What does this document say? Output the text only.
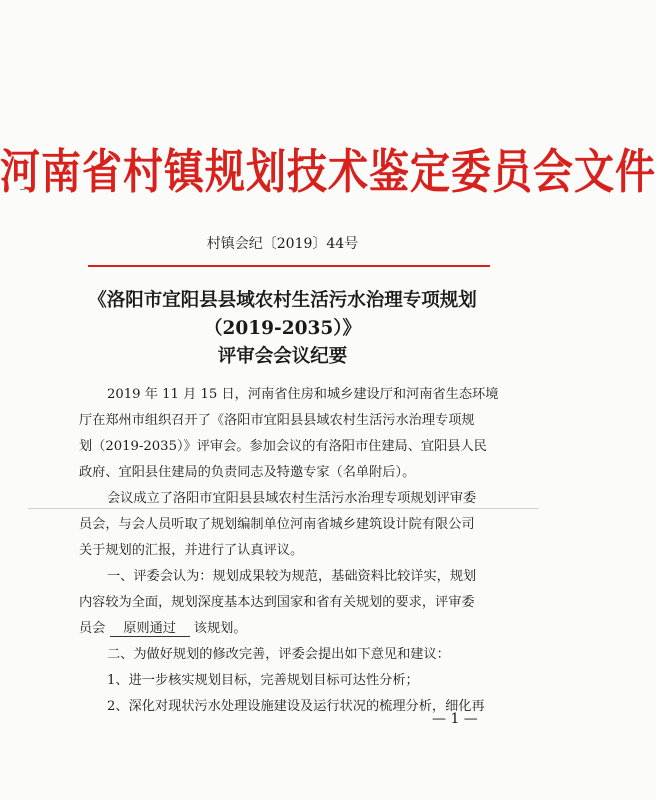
河南省村镇规划技术鉴定委员会文件
村镇会纪〔2019〕44号
《洛阳市宜阳县县域农村生活污水治理专项规划
（2019-2035）》
评审会会议纪要
2019 年 11 月 15 日，河南省住房和城乡建设厅和河南省生态环境
厅在郑州市组织召开了《洛阳市宜阳县县域农村生活污水治理专项规
划（2019-2035）》评审会。参加会议的有洛阳市住建局、宜阳县人民
政府、宜阳县住建局的负责同志及特邀专家（名单附后）。
会议成立了洛阳市宜阳县县域农村生活污水治理专项规划评审委
员会，与会人员听取了规划编制单位河南省城乡建筑设计院有限公司
关于规划的汇报，并进行了认真评议。
一、评委会认为：规划成果较为规范，基础资料比较详实，规划
内容较为全面，规划深度基本达到国家和省有关规划的要求，评审委
员会 原则通过 该规划。
二、为做好规划的修改完善，评委会提出如下意见和建议：
1、进一步核实规划目标，完善规划目标可达性分析；
2、深化对现状污水处理设施建设及运行状况的梳理分析，细化再
— 1 —
